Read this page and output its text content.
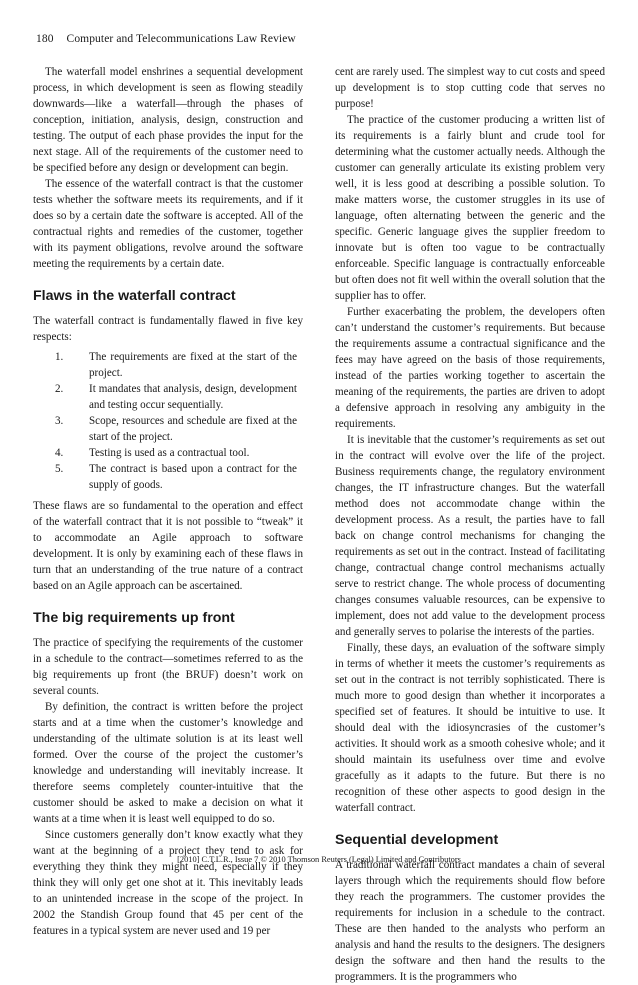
180 Computer and Telecommunications Law Review

The waterfall model enshrines a sequential development process, in which development is seen as flowing steadily downwards—like a waterfall—through the phases of conception, initiation, analysis, design, construction and testing. The output of each phase provides the input for the next stage. All of the requirements of the customer need to be specified before any design or development can begin.

The essence of the waterfall contract is that the customer tests whether the software meets its requirements, and if it does so by a certain date the software is accepted. All of the contractual rights and remedies of the customer, together with its payment obligations, revolve around the software meeting the requirements by a certain date.

Flaws in the waterfall contract

The waterfall contract is fundamentally flawed in five key respects:

1.	The requirements are fixed at the start of the project.
2.	It mandates that analysis, design, development and testing occur sequentially.
3.	Scope, resources and schedule are fixed at the start of the project.
4.	Testing is used as a contractual tool.
5.	The contract is based upon a contract for the supply of goods.

These flaws are so fundamental to the operation and effect of the waterfall contract that it is not possible to “tweak” it to accommodate an Agile approach to software development. It is only by examining each of these flaws in turn that an understanding of the true nature of a contract based on an Agile approach can be ascertained.

The big requirements up front

The practice of specifying the requirements of the customer in a schedule to the contract—sometimes referred to as the big requirements up front (the BRUF) doesn’t work on several counts.

By definition, the contract is written before the project starts and at a time when the customer’s knowledge and understanding of the ultimate solution is at its least well formed. Over the course of the project the customer’s knowledge and understanding will inevitably increase. It therefore seems completely counter-intuitive that the customer should be asked to make a decision on what it wants at a time when it is least well equipped to do so.

Since customers generally don’t know exactly what they want at the beginning of a project they tend to ask for everything they think they might need, especially if they think they will only get one shot at it. This inevitably leads to an unintended increase in the scope of the project. In 2002 the Standish Group found that 45 per cent of the features in a typical system are never used and 19 per

cent are rarely used. The simplest way to cut costs and speed up development is to stop cutting code that serves no purpose!

The practice of the customer producing a written list of its requirements is a fairly blunt and crude tool for determining what the customer actually needs. Although the customer can generally articulate its existing problem very well, it is less good at describing a possible solution. To make matters worse, the customer struggles in its use of language, often alternating between the generic and the specific. Generic language gives the supplier freedom to innovate but is often too vague to be contractually enforceable. Specific language is contractually enforceable but often does not fit well within the overall solution that the supplier has to offer.

Further exacerbating the problem, the developers often can’t understand the customer’s requirements. But because the requirements assume a contractual significance and the fees may have agreed on the basis of those requirements, instead of the parties working together to ascertain the meaning of the requirements, the parties are driven to adopt a defensive approach in resolving any ambiguity in the requirements.

It is inevitable that the customer’s requirements as set out in the contract will evolve over the life of the project. Business requirements change, the regulatory environment changes, the IT infrastructure changes. But the waterfall method does not accommodate change within the development process. As a result, the parties have to fall back on change control mechanisms for changing the requirements as set out in the contract. Instead of facilitating change, contractual change control mechanisms actually serve to restrict change. The whole process of documenting changes consumes valuable resources, can be expensive to implement, does not add value to the development process and generally serves to polarise the interests of the parties.

Finally, these days, an evaluation of the software simply in terms of whether it meets the customer’s requirements as set out in the contract is not terribly sophisticated. There is much more to good design than whether it incorporates a specified set of features. It should be intuitive to use. It should deal with the idiosyncrasies of the customer’s activities. It should work as a smooth cohesive whole; and it should maintain its usefulness over time and evolve gracefully as it adapts to the future. But there is no recognition of these other aspects to good design in the waterfall contract.

Sequential development

A traditional waterfall contract mandates a chain of several layers through which the requirements should flow before they reach the programmers. The customer provides the requirements for inclusion in a schedule to the contract. These are then handed to the analysts who perform an analysis and hand the results to the designers. The designers design the software and then hand the results to the programmers. It is the programmers who

[2010] C.T.L.R., Issue 7 © 2010 Thomson Reuters (Legal) Limited and Contributors
